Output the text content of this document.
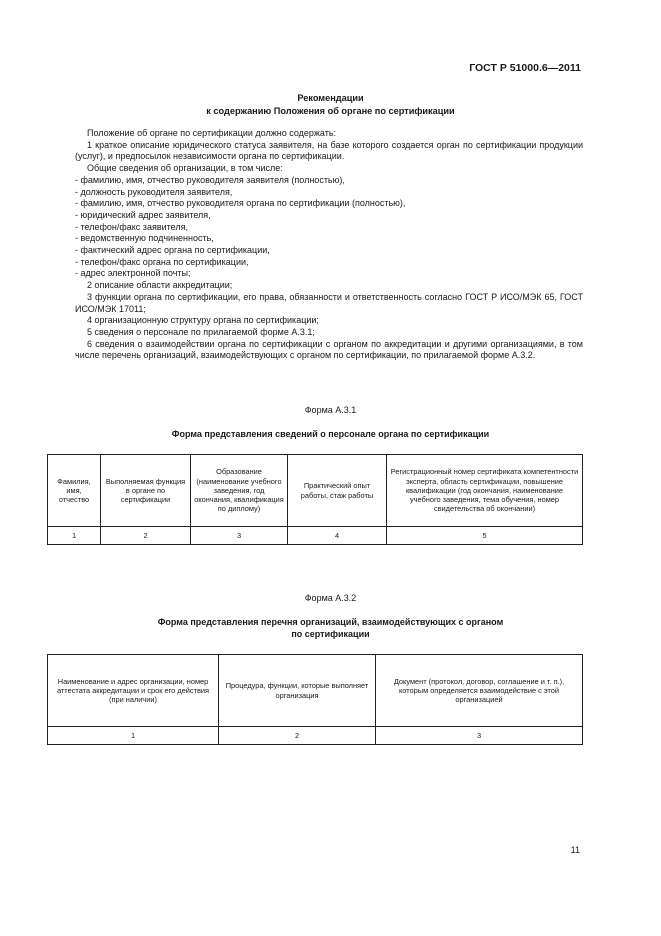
ГОСТ Р 51000.6—2011
Рекомендации
к содержанию Положения об органе по сертификации

Положение об органе по сертификации должно содержать:

1 краткое описание юридического статуса заявителя, на базе которого создается орган по сертификации продукции (услуг), и предпосылок независимости органа по сертификации.

Общие сведения об организации, в том числе:

- фамилию, имя, отчество руководителя заявителя (полностью),

- должность руководителя заявителя,

- фамилию, имя, отчество руководителя органа по сертификации (полностью),

- юридический адрес заявителя,

- телефон/факс заявителя,

- ведомственную подчиненность,

- фактический адрес органа по сертификации,

- телефон/факс органа по сертификации,

- адрес электронной почты;

2 описание области аккредитации;

3 функции органа по сертификации, его права, обязанности и ответственность согласно ГОСТ Р ИСО/МЭК 65, ГОСТ ИСО/МЭК 17011;

4 организационную структуру органа по сертификации;

5 сведения о персонале по прилагаемой форме А.3.1;

6 сведения о взаимодействии органа по сертификации с органом по аккредитации и другими организациями, в том числе перечень организаций, взаимодействующих с органом по сертификации, по прилагаемой форме А.3.2.

Форма А.3.1
Форма представления сведений о персонале органа по сертификации
Фамилия, имя, отчество	Выполняемая функция в органе по сертификации	Образование (наименование учебного заведения, год окончания, квалификация по диплому)	Практический опыт работы, стаж работы	Регистрационный номер сертификата компетентности эксперта, область сертификации, повышение квалификации (год окончания, наименование учебного заведения, тема обучения, номер свидетельства об окончании)
1	2	3	4	5
Форма А.3.2
Форма представления перечня организаций, взаимодействующих с органом
по сертификации
Наименование и адрес организации, номер аттестата аккредитации и срок его действия (при наличии)	Процедура, функции, которые выполняет организация	Документ (протокол, договор, соглашение и т. п.), которым определяется взаимодействие с этой организацией
1	2	3
11
